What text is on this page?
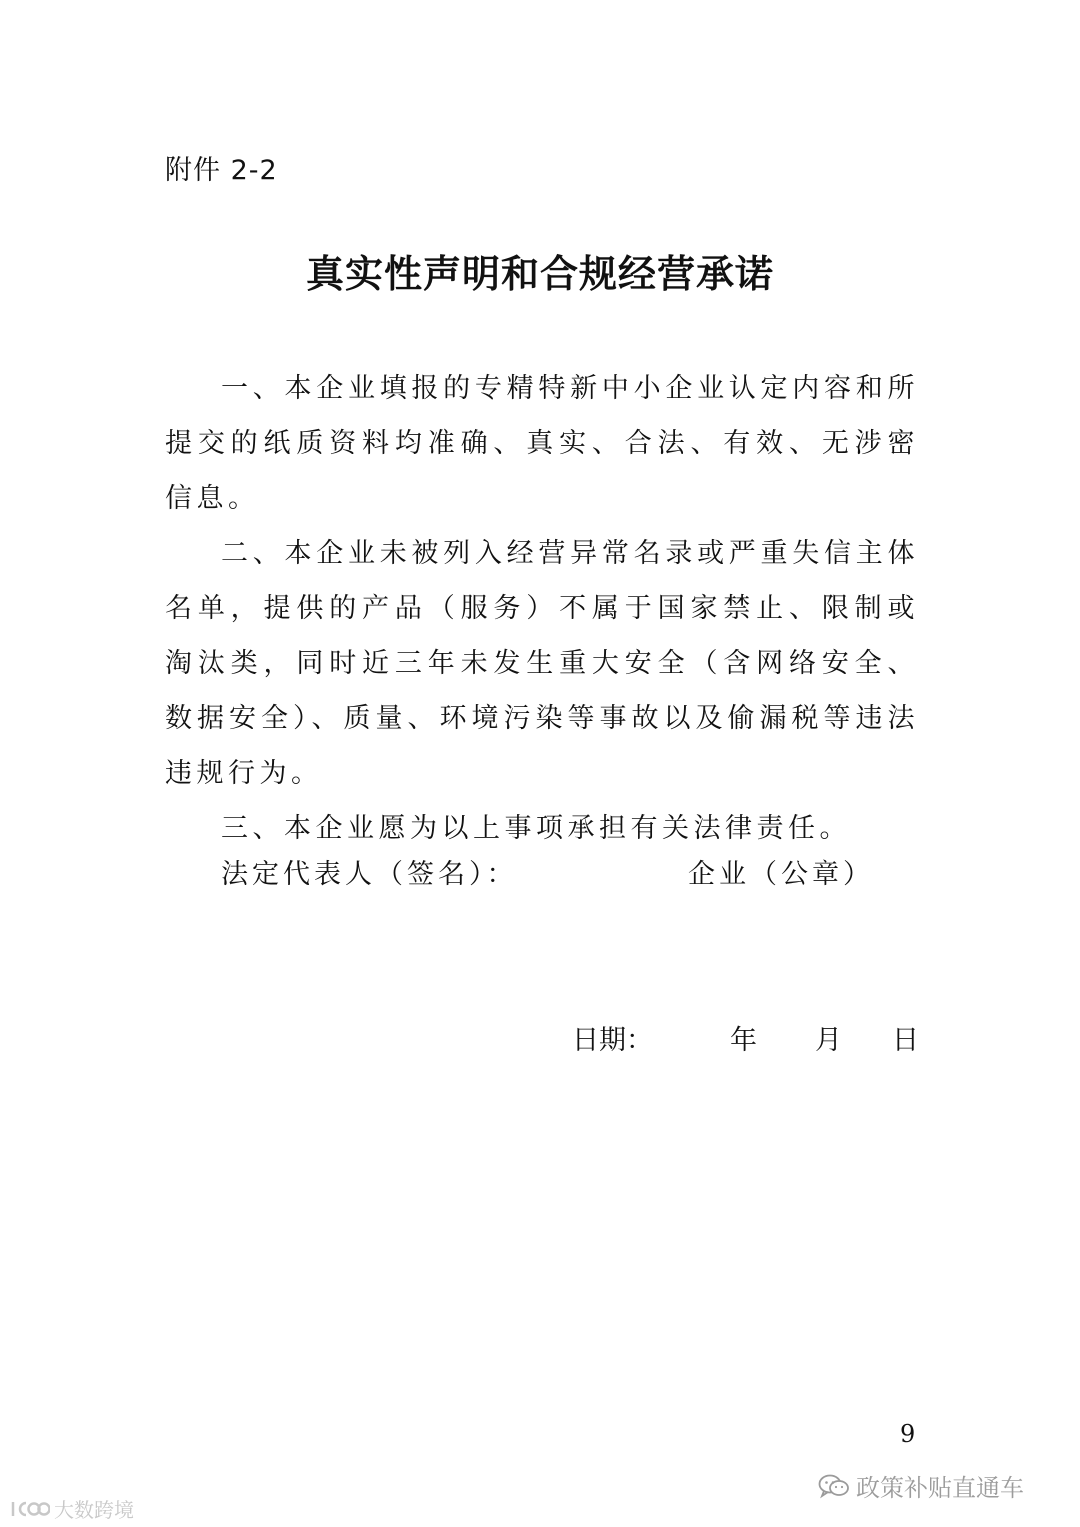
附件 2-2
真实性声明和合规经营承诺

一、本企业填报的专精特新中小企业认定内容和所提交的纸质资料均准确、真实、合法、有效、无涉密信息。

二、本企业未被列入经营异常名录或严重失信主体名单，提供的产品（服务）不属于国家禁止、限制或淘汰类，同时近三年未发生重大安全（含网络安全、数据安全）、质量、环境污染等事故以及偷漏税等违法违规行为。

三、本企业愿为以上事项承担有关法律责任。

法定代表人（签名）：	企业（公章）
日期：	年 月 日
9
政策补贴直通车
大数跨境
